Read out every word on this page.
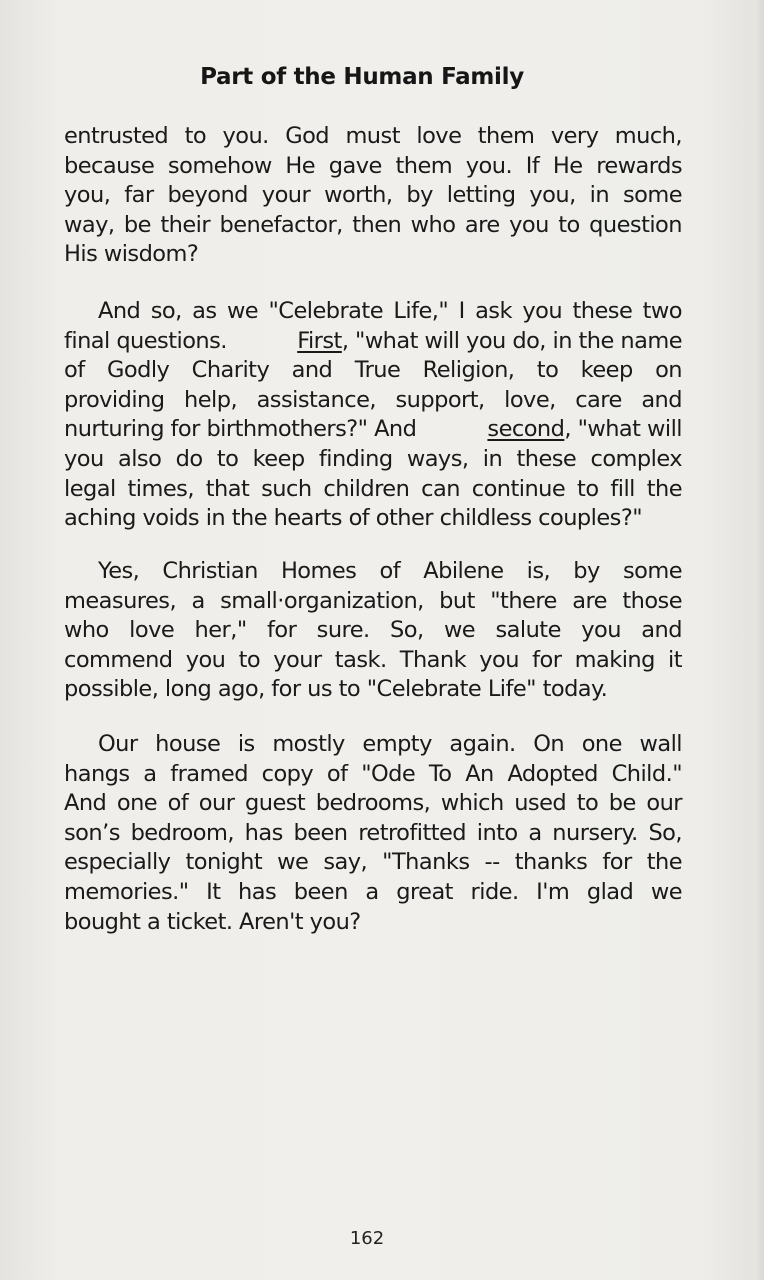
Part of the Human Family
entrusted to you. God must love them very much,
because somehow He gave them you. If He rewards
you, far beyond your worth, by letting you, in some
way, be their benefactor, then who are you to question
His wisdom?
And so, as we "Celebrate Life," I ask you these two
final questions.	First , "what will you do, in the name
of Godly Charity and True Religion, to keep on
providing help, assistance, support, love, care and
nurturing for birthmothers?" And	second , "what will
you also do to keep finding ways, in these complex
legal times, that such children can continue to fill the
aching voids in the hearts of other childless couples?"
Yes, Christian Homes of Abilene is, by some
measures, a small·organization, but "there are those
who love her," for sure. So, we salute you and
commend you to your task. Thank you for making it
possible, long ago, for us to "Celebrate Life" today.
Our house is mostly empty again. On one wall
hangs a framed copy of "Ode To An Adopted Child."
And one of our guest bedrooms, which used to be our
son’s bedroom, has been retrofitted into a nursery. So,
especially tonight we say, "Thanks -- thanks for the
memories." It has been a great ride. I'm glad we
bought a ticket. Aren't you?
162
